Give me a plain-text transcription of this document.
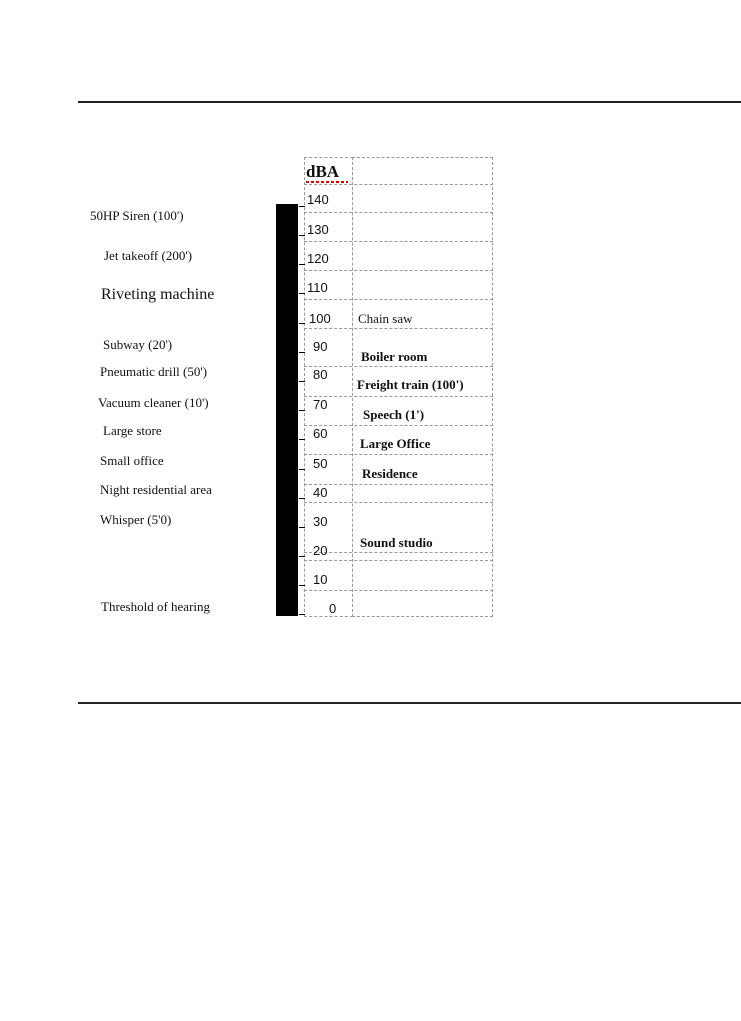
50HP Siren (100')
Jet takeoff (200')
Riveting machine
Subway (20')
Pneumatic drill (50')
Vacuum cleaner (10')
Large store
Small office
Night residential area
Whisper (5'0)
Threshold of hearing
dBA
140
130
120
110
100
90
80
70
60
50
40
30
20
10
0
Chain saw
Boiler room
Freight train (100')
Speech (1')
Large Office
Residence
Sound studio
